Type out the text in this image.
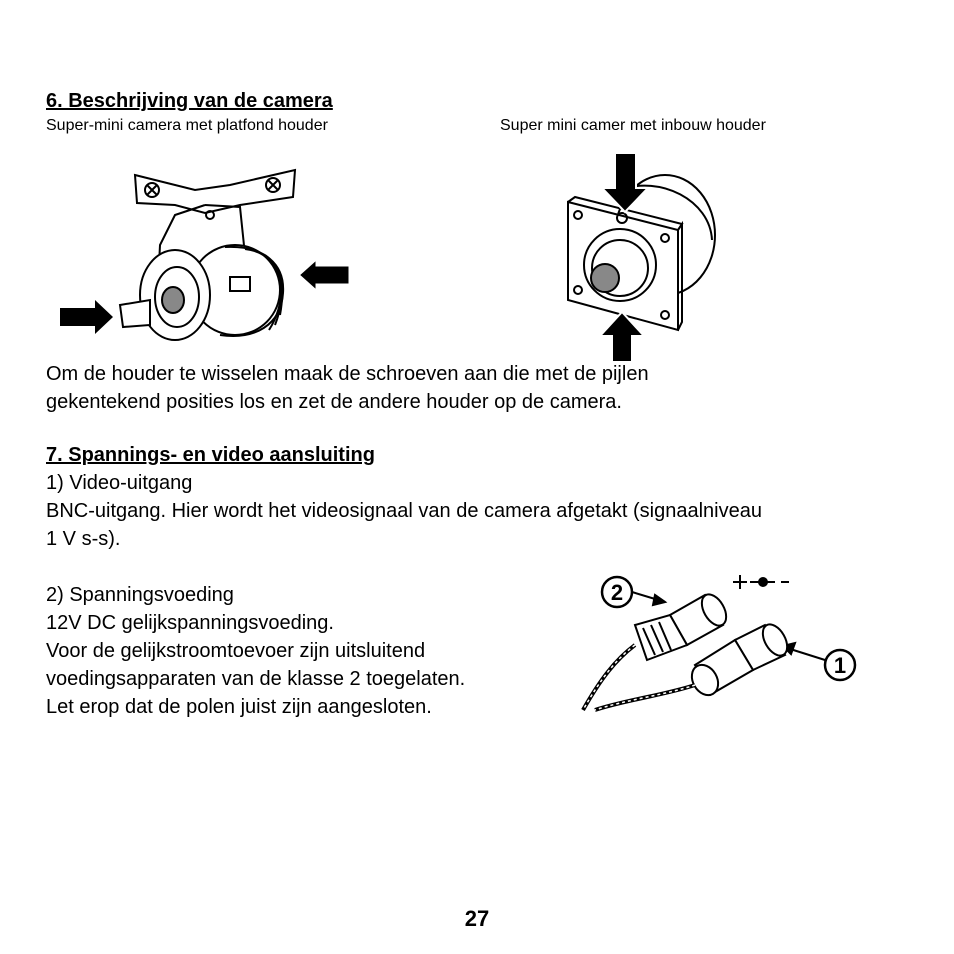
6. Beschrijving van de camera
Super-mini camera met platfond houder	Super mini camer met inbouw houder
Om de houder te wisselen maak de schroeven aan die met de pijlen
gekentekend posities los en zet de andere houder op de camera.
7. Spannings- en video aansluiting
1) Video-uitgang
BNC-uitgang. Hier wordt het videosignaal van de camera afgetakt (signaalniveau
1 V s-s).
2) Spanningsvoeding
12V DC gelijkspanningsvoeding.
Voor de gelijkstroomtoevoer zijn uitsluitend
voedingsapparaten van de klasse 2 toegelaten.
Let erop dat de polen juist zijn aangesloten.
2
1
27
